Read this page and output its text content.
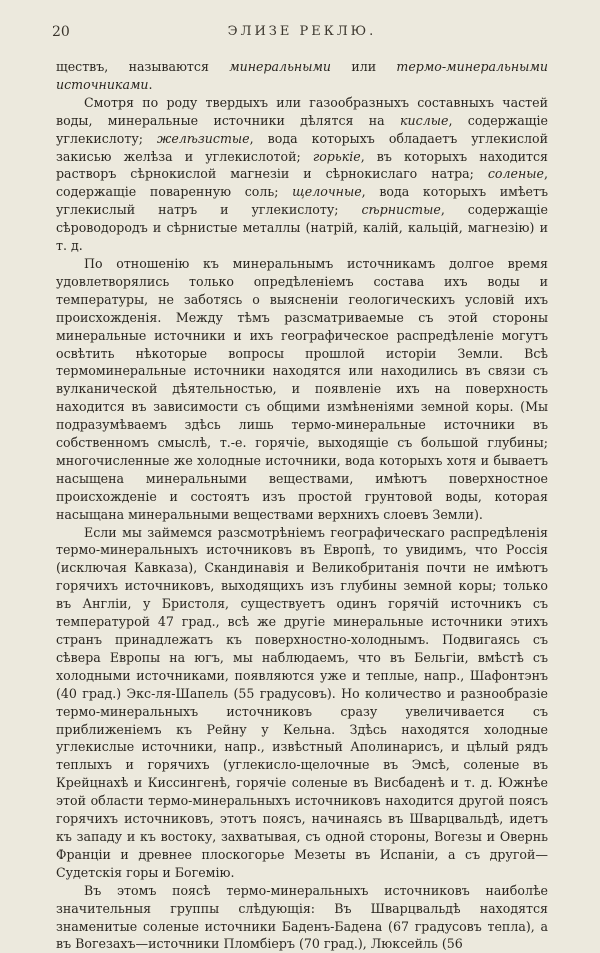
20	ЭЛИЗЕ РЕКЛЮ.

ществъ, называются минеральными или термо-минеральными источниками.

Смотря по роду твердыхъ или газообразныхъ составныхъ частей воды, минеральные источники дѣлятся на кислые, содержащіе углекислоту; желѣзистые, вода которыхъ обладаетъ углекислой закисью желѣза и углекислотой; горькіе, въ которыхъ находится растворъ сѣрнокислой магнезіи и сѣрнокислаго натра; соленые, содержащіе поваренную соль; щелочные, вода которыхъ имѣетъ углекислый натръ и углекислоту; сѣрнистые, содержащіе сѣроводородъ и сѣрнистые металлы (натрій, калій, кальцій, магнезію) и т. д.

По отношенію къ минеральнымъ источникамъ долгое время удовлетворялись только опредѣленіемъ состава ихъ воды и температуры, не заботясь о выясненіи геологическихъ условій ихъ происхожденія. Между тѣмъ разсматриваемые съ этой стороны минеральные источники и ихъ географическое распредѣленіе могутъ освѣтить нѣкоторые вопросы прошлой исторіи Земли. Всѣ термоминеральные источники находятся или находились въ связи съ вулканической дѣятельностью, и появленіе ихъ на поверхность находится въ зависимости съ общими измѣненіями земной коры. (Мы подразумѣваемъ здѣсь лишь термо-минеральные источники въ собственномъ смыслѣ, т.-е. горячіе, выходящіе съ большой глубины; многочисленные же холодные источники, вода которыхъ хотя и бываетъ насыщена минеральными веществами, имѣютъ поверхностное происхожденіе и состоятъ изъ простой грунтовой воды, которая насыщана минеральными веществами верхнихъ слоевъ Земли).

Если мы займемся разсмотрѣніемъ географическаго распредѣленія термо-минеральныхъ источниковъ въ Европѣ, то увидимъ, что Россія (исключая Кавказа), Скандинавія и Великобританія почти не имѣютъ горячихъ источниковъ, выходящихъ изъ глубины земной коры; только въ Англіи, у Бристоля, существуетъ одинъ горячій источникъ съ температурой 47 град., всѣ же другіе минеральные источники этихъ странъ принадлежатъ къ поверхностно-холоднымъ. Подвигаясь съ сѣвера Европы на югъ, мы наблюдаемъ, что въ Бельгіи, вмѣстѣ съ холодными источниками, появляются уже и теплые, напр., Шафонтэнъ (40 град.) Экс-ля-Шапель (55 градусовъ). Но количество и разнообразіе термо-минеральныхъ источниковъ сразу увеличивается съ приближеніемъ къ Рейну у Кельна. Здѣсь находятся холодные углекислые источники, напр., извѣстный Аполинарисъ, и цѣлый рядъ теплыхъ и горячихъ (углекисло-щелочные въ Эмсѣ, соленые въ Крейцнахѣ и Киссингенѣ, горячіе соленые въ Висбаденѣ и т. д. Южнѣе этой области термо-минеральныхъ источниковъ находится другой поясъ горячихъ источниковъ, этотъ поясъ, начинаясь въ Шварцвальдѣ, идетъ къ западу и къ востоку, захватывая, съ одной стороны, Вогезы и Овернь Франціи и древнее плоскогорье Мезеты въ Испаніи, а съ другой—Судетскія горы и Богемію.

Въ этомъ поясѣ термо-минеральныхъ источниковъ наиболѣе значительныя группы слѣдующія: Въ Шварцвальдѣ находятся знаменитые соленые источники Баденъ-Бадена (67 градусовъ тепла), а въ Вогезахъ—источники Пломбіеръ (70 град.), Люксейль (56
